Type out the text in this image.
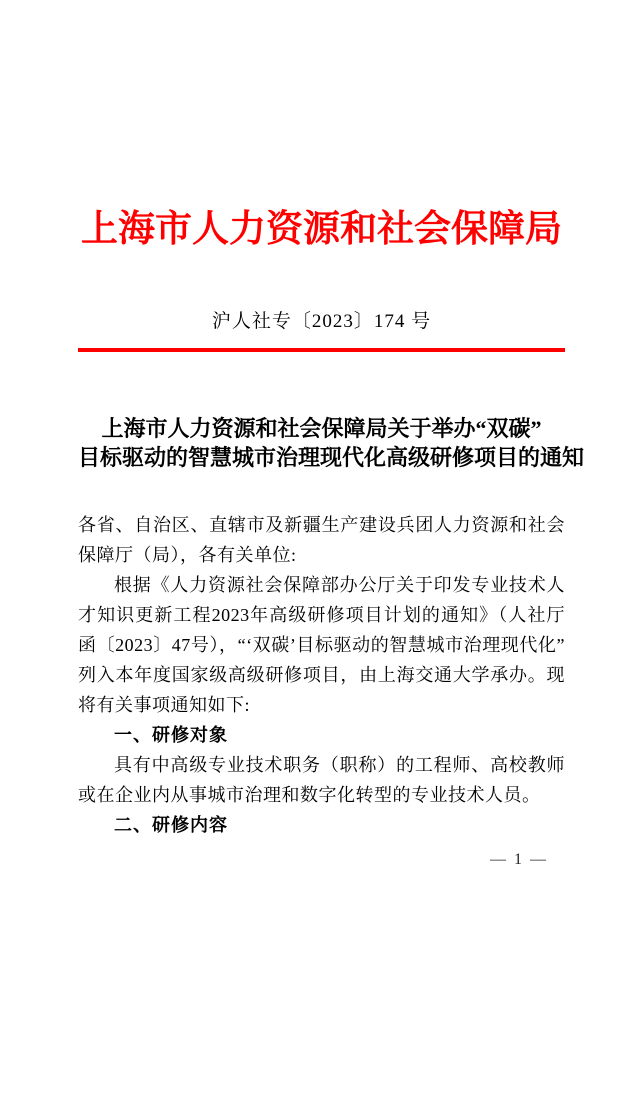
上海市人力资源和社会保障局
沪人社专〔2023〕174 号
上海市人力资源和社会保障局关于举办“双碳”
目标驱动的智慧城市治理现代化高级研修项目的通知

各省、自治区、直辖市及新疆生产建设兵团人力资源和社会保障厅（局），各有关单位:

根据《人力资源社会保障部办公厅关于印发专业技术人才知识更新工程2023年高级研修项目计划的通知》（人社厅函〔2023〕47号），“‘双碳’目标驱动的智慧城市治理现代化”列入本年度国家级高级研修项目，由上海交通大学承办。现将有关事项通知如下:

一、研修对象

具有中高级专业技术职务（职称）的工程师、高校教师或在企业内从事城市治理和数字化转型的专业技术人员。

二、研修内容

— 1 —
